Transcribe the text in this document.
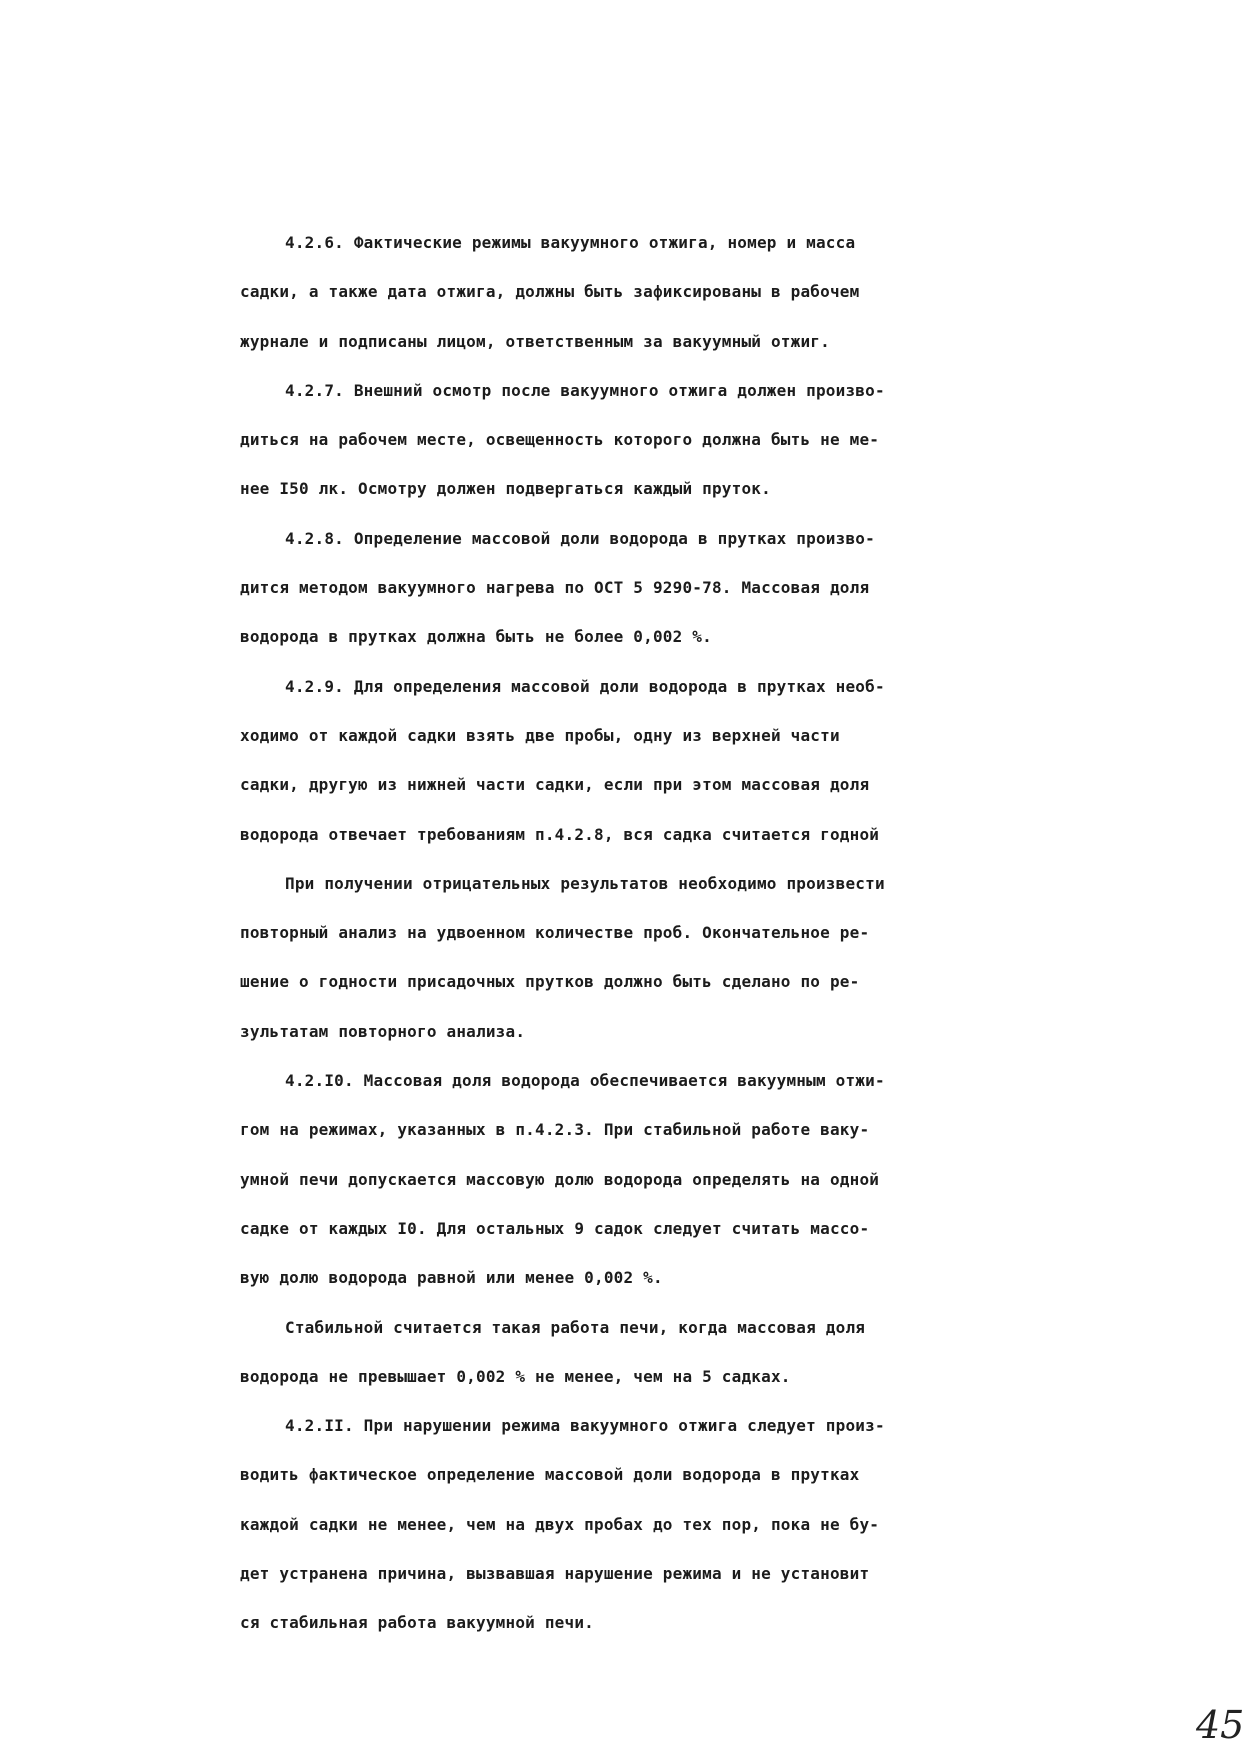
4.2.6. Фактические режимы вакуумного отжига, номер и масса
садки, а также дата отжига, должны быть зафиксированы в рабочем
журнале и подписаны лицом, ответственным за вакуумный отжиг.
4.2.7. Внешний осмотр после вакуумного отжига должен произво-
диться на рабочем месте, освещенность которого должна быть не ме-
нее I50 лк. Осмотру должен подвергаться каждый пруток.
4.2.8. Определение массовой доли водорода в прутках произво-
дится методом вакуумного нагрева по ОСТ 5 9290-78. Массовая доля
водорода в прутках должна быть не более 0,002 %.
4.2.9. Для определения массовой доли водорода в прутках необ-
ходимо от каждой садки взять две пробы, одну из верхней части
садки, другую из нижней части садки, если при этом массовая доля
водорода отвечает требованиям п.4.2.8, вся садка считается годной
При получении отрицательных результатов необходимо произвести
повторный анализ на удвоенном количестве проб. Окончательное ре-
шение о годности присадочных прутков должно быть сделано по ре-
зультатам повторного анализа.
4.2.I0. Массовая доля водорода обеспечивается вакуумным отжи-
гом на режимах, указанных в п.4.2.3. При стабильной работе ваку-
умной печи допускается массовую долю водорода определять на одной
садке от каждых I0. Для остальных 9 садок следует считать массо-
вую долю водорода равной или менее 0,002 %.
Стабильной считается такая работа печи, когда массовая доля
водорода не превышает 0,002 % не менее, чем на 5 садках.
4.2.II. При нарушении режима вакуумного отжига следует произ-
водить фактическое определение массовой доли водорода в прутках
каждой садки не менее, чем на двух пробах до тех пор, пока не бу-
дет устранена причина, вызвавшая нарушение режима и не установит
ся стабильная работа вакуумной печи.
45
